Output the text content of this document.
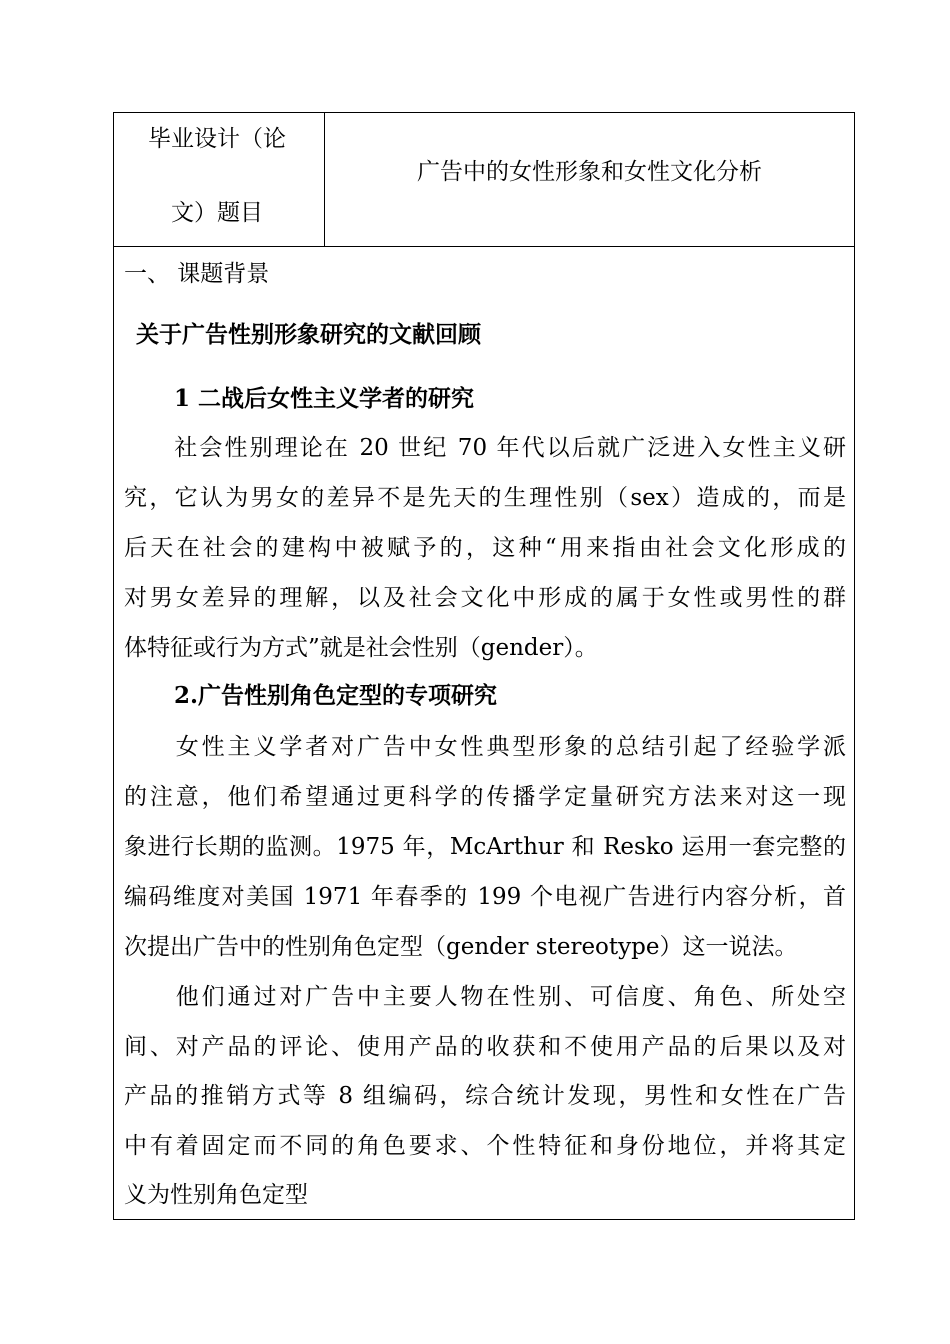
毕业设计（论
文）题目
广告中的女性形象和女性文化分析
一、 课题背景
关于广告性别形象研究的文献回顾
1 二战后女性主义学者的研究
　　社会性别理论在 20 世纪 70 年代以后就广泛进入女性主义研
究，它认为男女的差异不是先天的生理性别（sex）造成的，而是
后天在社会的建构中被赋予的，这种“用来指由社会文化形成的
对男女差异的理解，以及社会文化中形成的属于女性或男性的群
体特征或行为方式”就是社会性别（gender）。
2.广告性别角色定型的专项研究
　　女性主义学者对广告中女性典型形象的总结引起了经验学派
的注意，他们希望通过更科学的传播学定量研究方法来对这一现
象进行长期的监测。1975 年，McArthur 和 Resko 运用一套完整的
编码维度对美国 1971 年春季的 199 个电视广告进行内容分析，首
次提出广告中的性别角色定型（gender stereotype）这一说法。
　　他们通过对广告中主要人物在性别、可信度、角色、所处空
间、对产品的评论、使用产品的收获和不使用产品的后果以及对
产品的推销方式等 8 组编码，综合统计发现，男性和女性在广告
中有着固定而不同的角色要求、个性特征和身份地位，并将其定
义为性别角色定型
